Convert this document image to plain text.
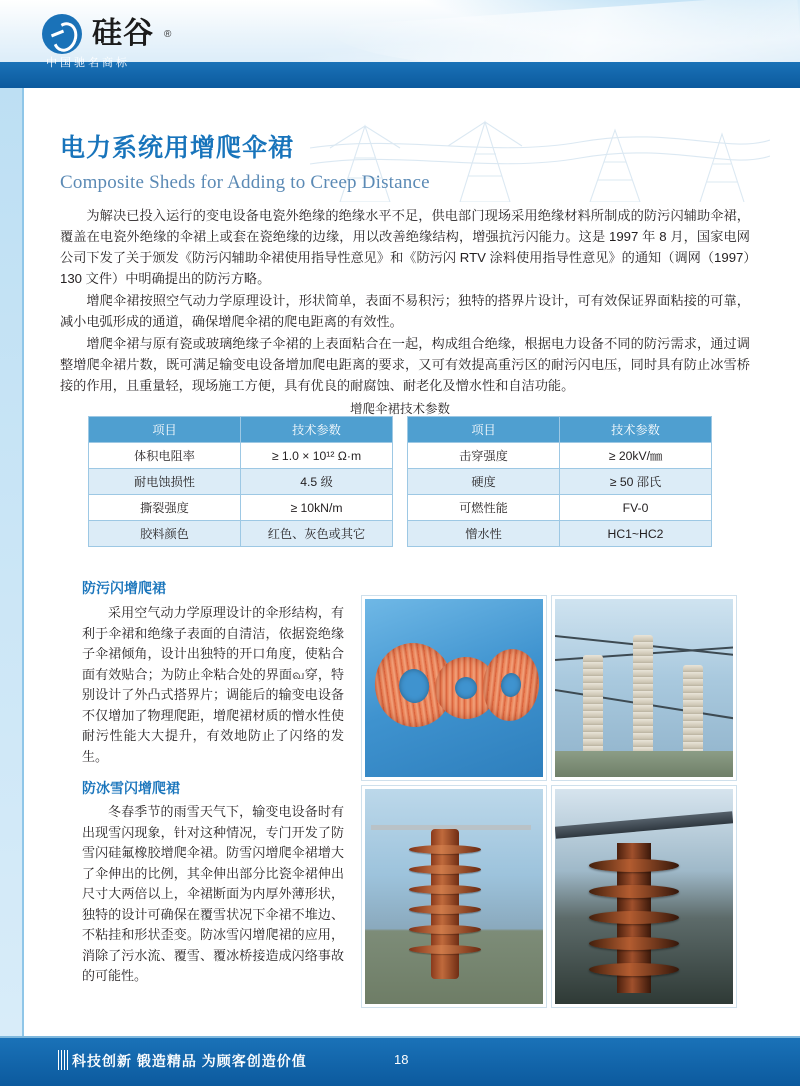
硅谷 ®
中国驰名商标
电力系统用增爬伞裙
Composite Sheds for Adding to Creep Distance

为解决已投入运行的变电设备电瓷外绝缘的绝缘水平不足，供电部门现场采用绝缘材料所制成的防污闪辅助伞裙，覆盖在电瓷外绝缘的伞裙上或套在瓷绝缘的边缘，用以改善绝缘结构，增强抗污闪能力。这是 1997 年 8 月，国家电网公司下发了关于颁发《防污闪辅助伞裙使用指导性意见》和《防污闪 RTV 涂料使用指导性意见》的通知（调网（1997）130 文件）中明确提出的防污方略。

增爬伞裙按照空气动力学原理设计，形状简单，表面不易积污；独特的搭界片设计，可有效保证界面粘接的可靠，减小电弧形成的通道，确保增爬伞裙的爬电距离的有效性。

增爬伞裙与原有瓷或玻璃绝缘子伞裙的上表面粘合在一起，构成组合绝缘，根据电力设备不同的防污需求，通过调整增爬伞裙片数，既可满足输变电设备增加爬电距离的要求，又可有效提高重污区的耐污闪电压，同时具有防止冰雪桥接的作用，且重量轻，现场施工方便，具有优良的耐腐蚀、耐老化及憎水性和自洁功能。

增爬伞裙技术参数
项目	技术参数
体积电阻率	≥ 1.0 × 10¹² Ω·m
耐电蚀损性	4.5 级
撕裂强度	≥ 10kN/m
胶料颜色	红色、灰色或其它
项目	技术参数
击穿强度	≥ 20kV/㎜
硬度	≥ 50 邵氏
可燃性能	FV-0
憎水性	HC1~HC2
防污闪增爬裙

采用空气动力学原理设计的伞形结构，有利于伞裙和绝缘子表面的自清洁，依据瓷绝缘子伞裙倾角，设计出独特的开口角度，使粘合面有效贴合；为防止伞粘合处的界面வ穿，特别设计了外凸式搭界片；调能后的输变电设备不仅增加了物理爬距，增爬裙材质的憎水性使耐污性能大大提升，有效地防止了闪络的发生。

防冰雪闪增爬裙

冬春季节的雨雪天气下，输变电设备时有出现雪闪现象，针对这种情况，专门开发了防雪闪硅氟橡胶增爬伞裙。防雪闪增爬伞裙增大了伞伸出的比例，其伞伸出部分比瓷伞裙伸出尺寸大两倍以上，伞裙断面为内厚外薄形状，独特的设计可确保在覆雪状况下伞裙不堆边、不粘挂和形状歪变。防冰雪闪增爬裙的应用，消除了污水流、覆雪、覆冰桥接造成闪络事故的可能性。

科技创新 锻造精品 为顾客创造价值	18
